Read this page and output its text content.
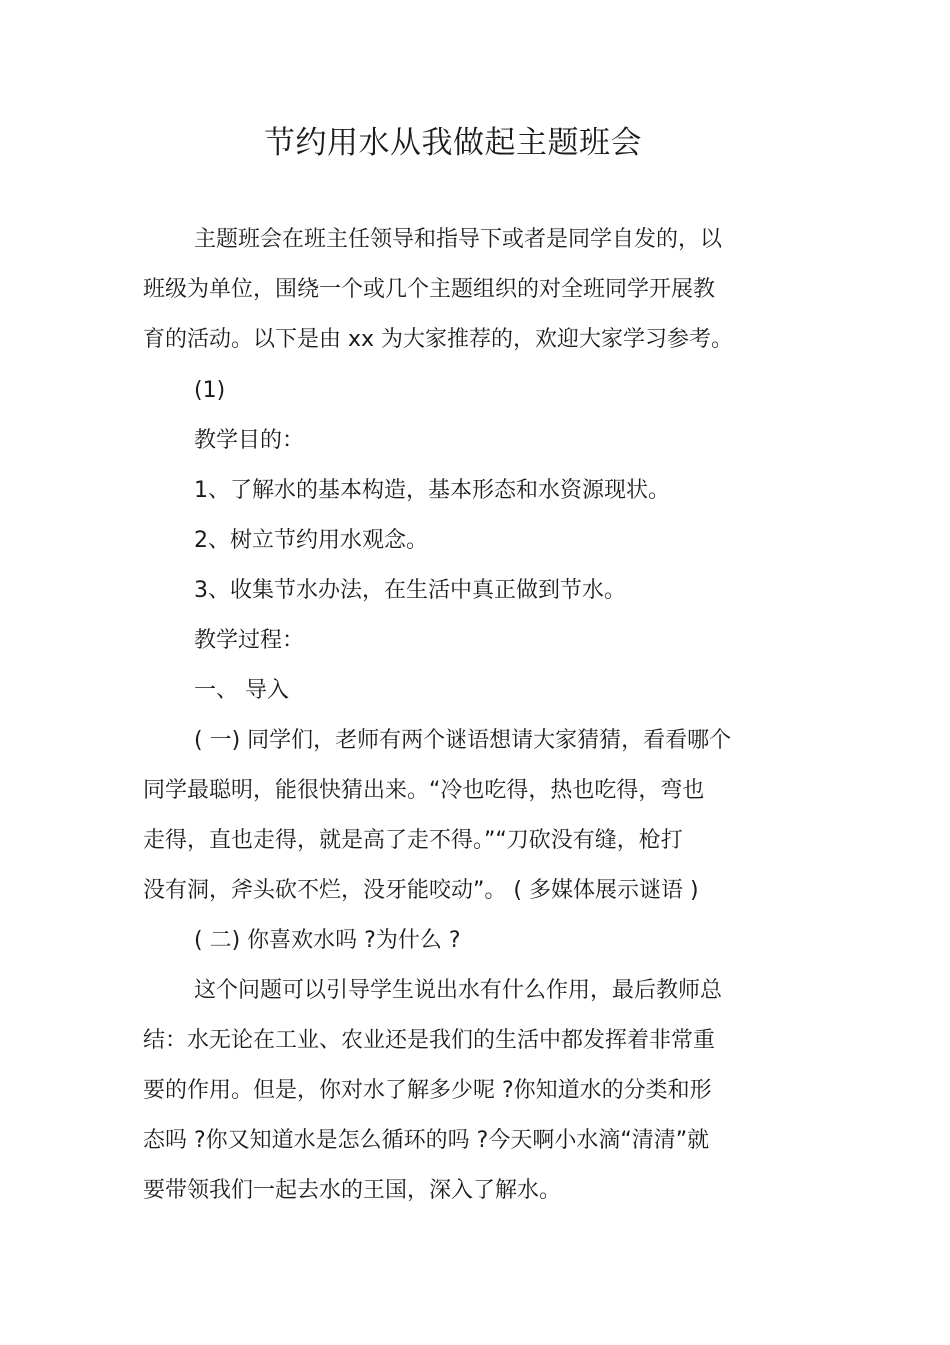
节约用水从我做起主题班会
主题班会在班主任领导和指导下或者是同学自发的，以
班级为单位，围绕一个或几个主题组织的对全班同学开展教
育的活动。以下是由 xx 为大家推荐的，欢迎大家学习参考。
(1)
教学目的：
1、了解水的基本构造，基本形态和水资源现状。
2、树立节约用水观念。
3、收集节水办法，在生活中真正做到节水。
教学过程：
一、 导入
( 一) 同学们，老师有两个谜语想请大家猜猜，看看哪个
同学最聪明，能很快猜出来。“冷也吃得，热也吃得，弯也
走得，直也走得，就是高了走不得。”“刀砍没有缝，枪打
没有洞，斧头砍不烂，没牙能咬动”。 ( 多媒体展示谜语 )
( 二) 你喜欢水吗 ?为什么 ?
这个问题可以引导学生说出水有什么作用，最后教师总
结：水无论在工业、农业还是我们的生活中都发挥着非常重
要的作用。但是，你对水了解多少呢 ?你知道水的分类和形
态吗 ?你又知道水是怎么循环的吗 ?今天啊小水滴“清清”就
要带领我们一起去水的王国，深入了解水。
